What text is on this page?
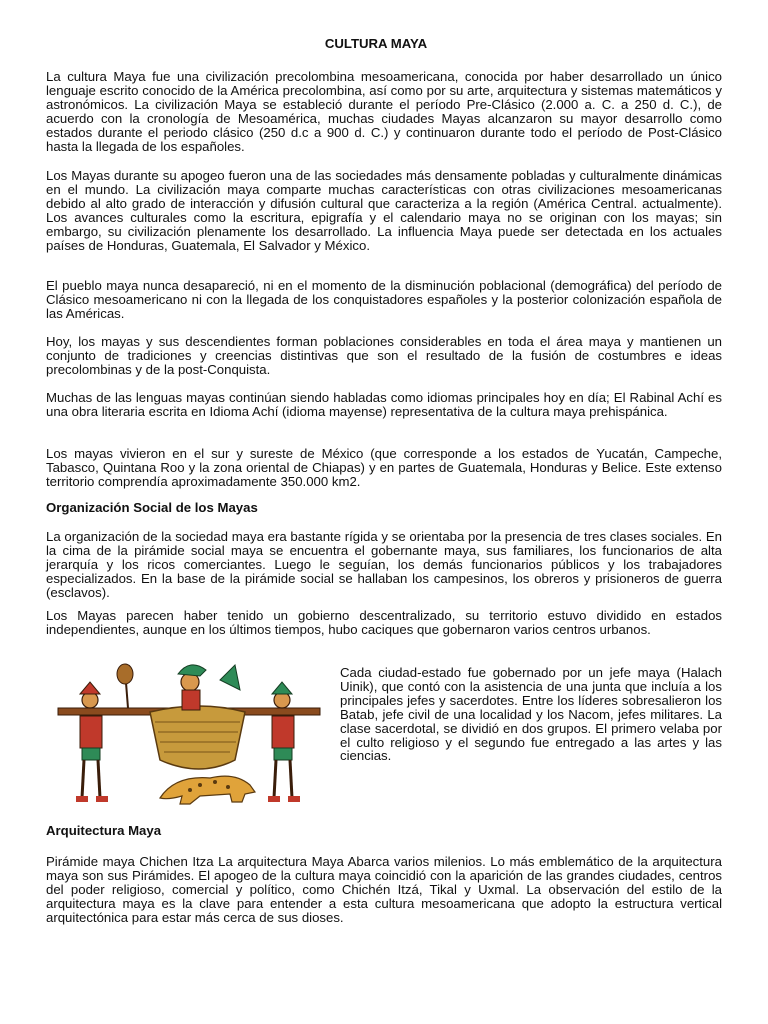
CULTURA MAYA

La cultura Maya fue una civilización precolombina mesoamericana, conocida por haber desarrollado un único lenguaje escrito conocido de la América precolombina, así como por su arte, arquitectura y sistemas matemáticos y astronómicos. La civilización Maya se estableció durante el período Pre-Clásico (2.000 a. C. a 250 d. C.), de acuerdo con la cronología de Mesoamérica, muchas ciudades Mayas alcanzaron su mayor desarrollo como estados durante el periodo clásico (250 d.c a 900 d. C.) y continuaron durante todo el período de Post-Clásico hasta la llegada de los españoles.

Los Mayas durante su apogeo fueron una de las sociedades más densamente pobladas y culturalmente dinámicas en el mundo. La civilización maya comparte muchas características con otras civilizaciones mesoamericanas debido al alto grado de interacción y difusión cultural que caracteriza a la región (América Central. actualmente). Los avances culturales como la escritura, epigrafía y el calendario maya no se originan con los mayas; sin embargo, su civilización plenamente los desarrollado. La influencia Maya puede ser detectada en los actuales países de Honduras, Guatemala, El Salvador y México.

El pueblo maya nunca desapareció, ni en el momento de la disminución poblacional (demográfica) del período de Clásico mesoamericano ni con la llegada de los conquistadores españoles y la posterior colonización española de las Américas.

Hoy, los mayas y sus descendientes forman poblaciones considerables en toda el área maya y mantienen un conjunto de tradiciones y creencias distintivas que son el resultado de la fusión de costumbres e ideas precolombinas y de la post-Conquista.

Muchas de las lenguas mayas continúan siendo habladas como idiomas principales hoy en día; El Rabinal Achí es una obra literaria escrita en Idioma Achí (idioma mayense) representativa de la cultura maya prehispánica.

Los mayas vivieron en el sur y sureste de México (que corresponde a los estados de Yucatán, Campeche, Tabasco, Quintana Roo y la zona oriental de Chiapas) y en partes de Guatemala, Honduras y Belice. Este extenso territorio comprendía aproximadamente 350.000 km2.

Organización Social de los Mayas

La organización de la sociedad maya era bastante rígida y se orientaba por la presencia de tres clases sociales. En la cima de la pirámide social maya se encuentra el gobernante maya, sus familiares, los funcionarios de alta jerarquía y los ricos comerciantes. Luego le seguían, los demás funcionarios públicos y los trabajadores especializados. En la base de la pirámide social se hallaban los campesinos, los obreros y prisioneros de guerra (esclavos).

Los Mayas parecen haber tenido un gobierno descentralizado, su territorio estuvo dividido en estados independientes, aunque en los últimos tiempos, hubo caciques que gobernaron varios centros urbanos.

Cada ciudad-estado fue gobernado por un jefe maya (Halach Uinik), que contó con la asistencia de una junta que incluía a los principales jefes y sacerdotes. Entre los líderes sobresalieron los Batab, jefe civil de una localidad y los Nacom, jefes militares. La clase sacerdotal, se dividió en dos grupos. El primero velaba por el culto religioso y el segundo fue entregado a las artes y las ciencias.

Arquitectura Maya

Pirámide maya Chichen Itza La arquitectura Maya Abarca varios milenios. Lo más emblemático de la arquitectura maya son sus Pirámides. El apogeo de la cultura maya coincidió con la aparición de las grandes ciudades, centros del poder religioso, comercial y político, como Chichén Itzá, Tikal y Uxmal. La observación del estilo de la arquitectura maya es la clave para entender a esta cultura mesoamericana que adopto la estructura vertical arquitectónica para estar más cerca de sus dioses.
